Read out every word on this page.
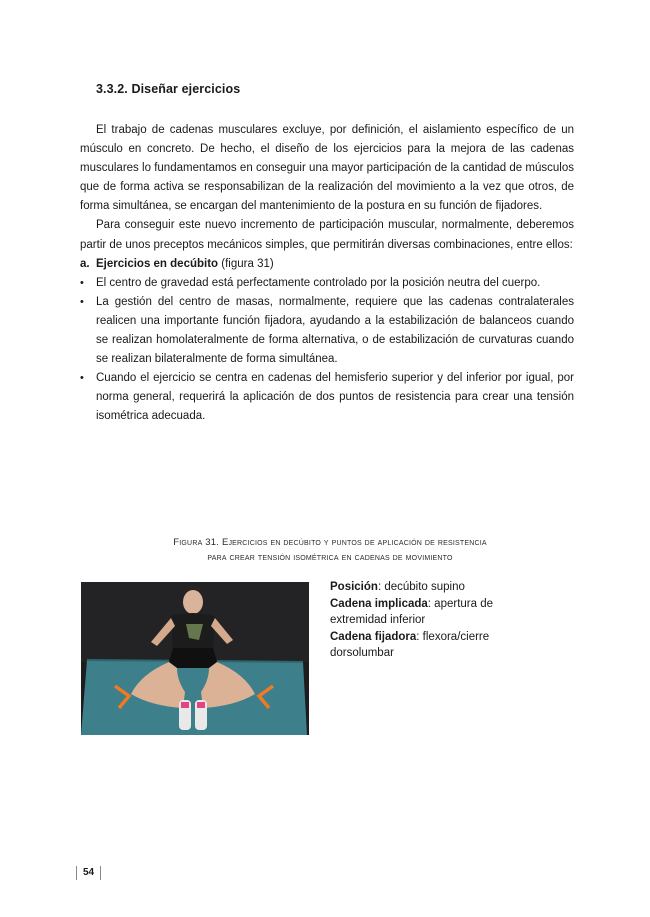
3.3.2. Diseñar ejercicios

El trabajo de cadenas musculares excluye, por definición, el aislamiento específico de un músculo en concreto. De hecho, el diseño de los ejercicios para la mejora de las cadenas musculares lo fundamentamos en conseguir una mayor participación de la cantidad de músculos que de forma activa se responsabilizan de la realización del movimiento a la vez que otros, de forma simultánea, se encargan del mantenimiento de la postura en su función de fijadores.

Para conseguir este nuevo incremento de participación muscular, normalmente, deberemos partir de unos preceptos mecánicos simples, que permitirán diversas combinaciones, entre ellos:

a. Ejercicios en decúbito (figura 31)
•	El centro de gravedad está perfectamente controlado por la posición neutra del cuerpo.
•	La gestión del centro de masas, normalmente, requiere que las cadenas contralaterales realicen una importante función fijadora, ayudando a la estabilización de balanceos cuando se realizan homolateralmente de forma alternativa, o de estabilización de curvaturas cuando se realizan bilateralmente de forma simultánea.
•	Cuando el ejercicio se centra en cadenas del hemisferio superior y del inferior por igual, por norma general, requerirá la aplicación de dos puntos de resistencia para crear una tensión isométrica adecuada.
Figura 31. Ejercicios en decúbito y puntos de aplicación de resistencia
para crear tensión isométrica en cadenas de movimiento
Posición: decúbito supino
Cadena implicada: apertura de extremidad inferior
Cadena fijadora: flexora/cierre dorsolumbar
54
